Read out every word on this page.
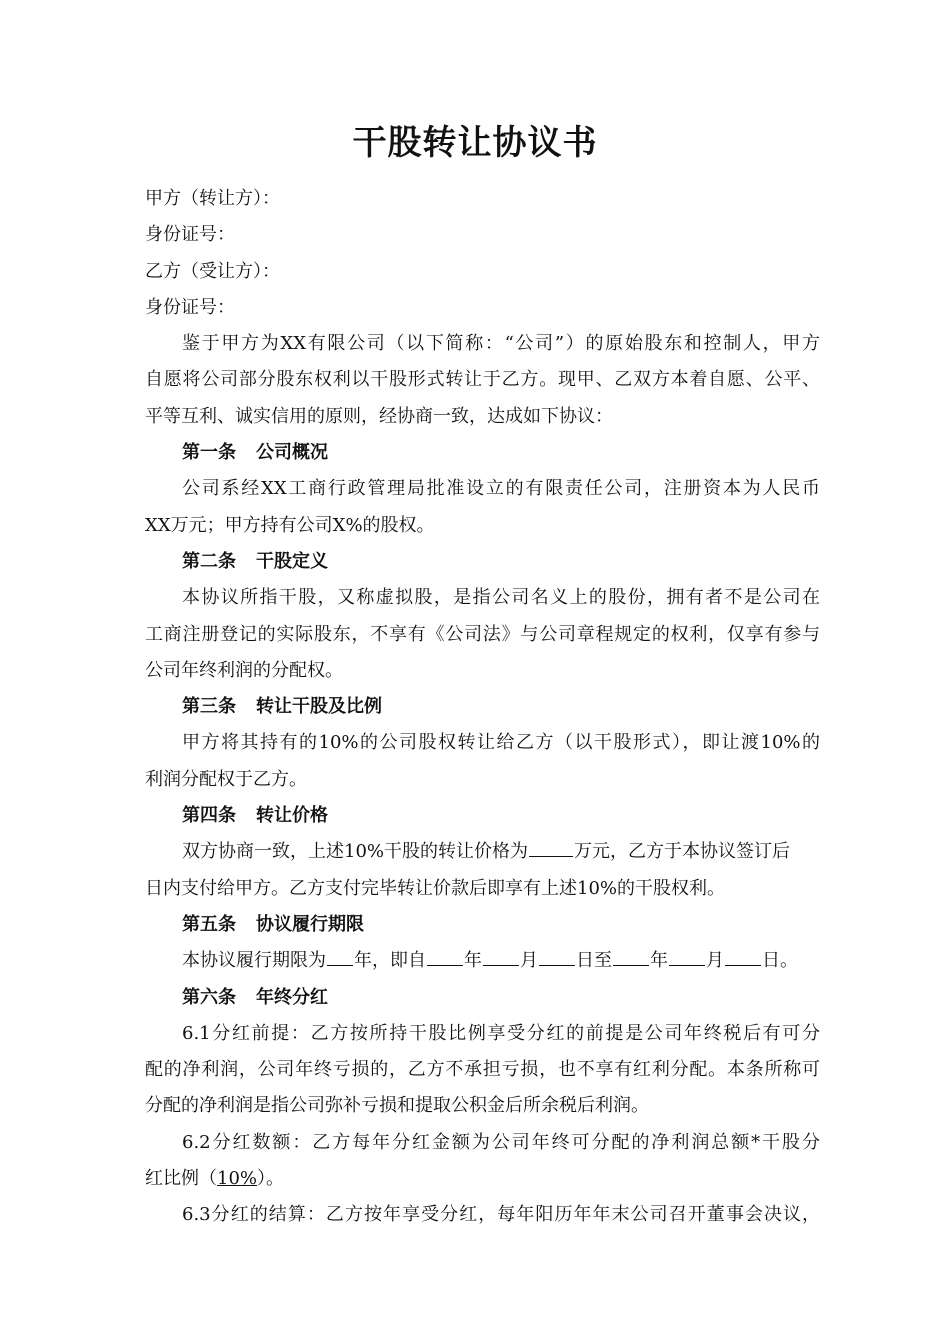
干股转让协议书

甲方（转让方）：

身份证号：

乙方（受让方）：

身份证号：

鉴于甲方为XX有限公司（以下简称：“公司”）的原始股东和控制人，甲方

自愿将公司部分股东权利以干股形式转让于乙方。现甲、乙双方本着自愿、公平、

平等互利、诚实信用的原则，经协商一致，达成如下协议：

第一条 公司概况

公司系经XX工商行政管理局批准设立的有限责任公司，注册资本为人民币

XX万元；甲方持有公司X%的股权。

第二条 干股定义

本协议所指干股，又称虚拟股，是指公司名义上的股份，拥有者不是公司在

工商注册登记的实际股东，不享有《公司法》与公司章程规定的权利，仅享有参与

公司年终利润的分配权。

第三条 转让干股及比例

甲方将其持有的10%的公司股权转让给乙方（以干股形式），即让渡10%的

利润分配权于乙方。

第四条 转让价格

双方协商一致，上述10%干股的转让价格为	万元，乙方于本协议签订后

日内支付给甲方。乙方支付完毕转让价款后即享有上述10%的干股权利。

第五条 协议履行期限

本协议履行期限为 年，即自 年 月 日至 年 月 日。

第六条 年终分红

6.1分红前提：乙方按所持干股比例享受分红的前提是公司年终税后有可分

配的净利润，公司年终亏损的，乙方不承担亏损，也不享有红利分配。本条所称可

分配的净利润是指公司弥补亏损和提取公积金后所余税后利润。

6.2分红数额：乙方每年分红金额为公司年终可分配的净利润总额*干股分

红比例（10%）。

6.3分红的结算：乙方按年享受分红，每年阳历年年末公司召开董事会决议，
